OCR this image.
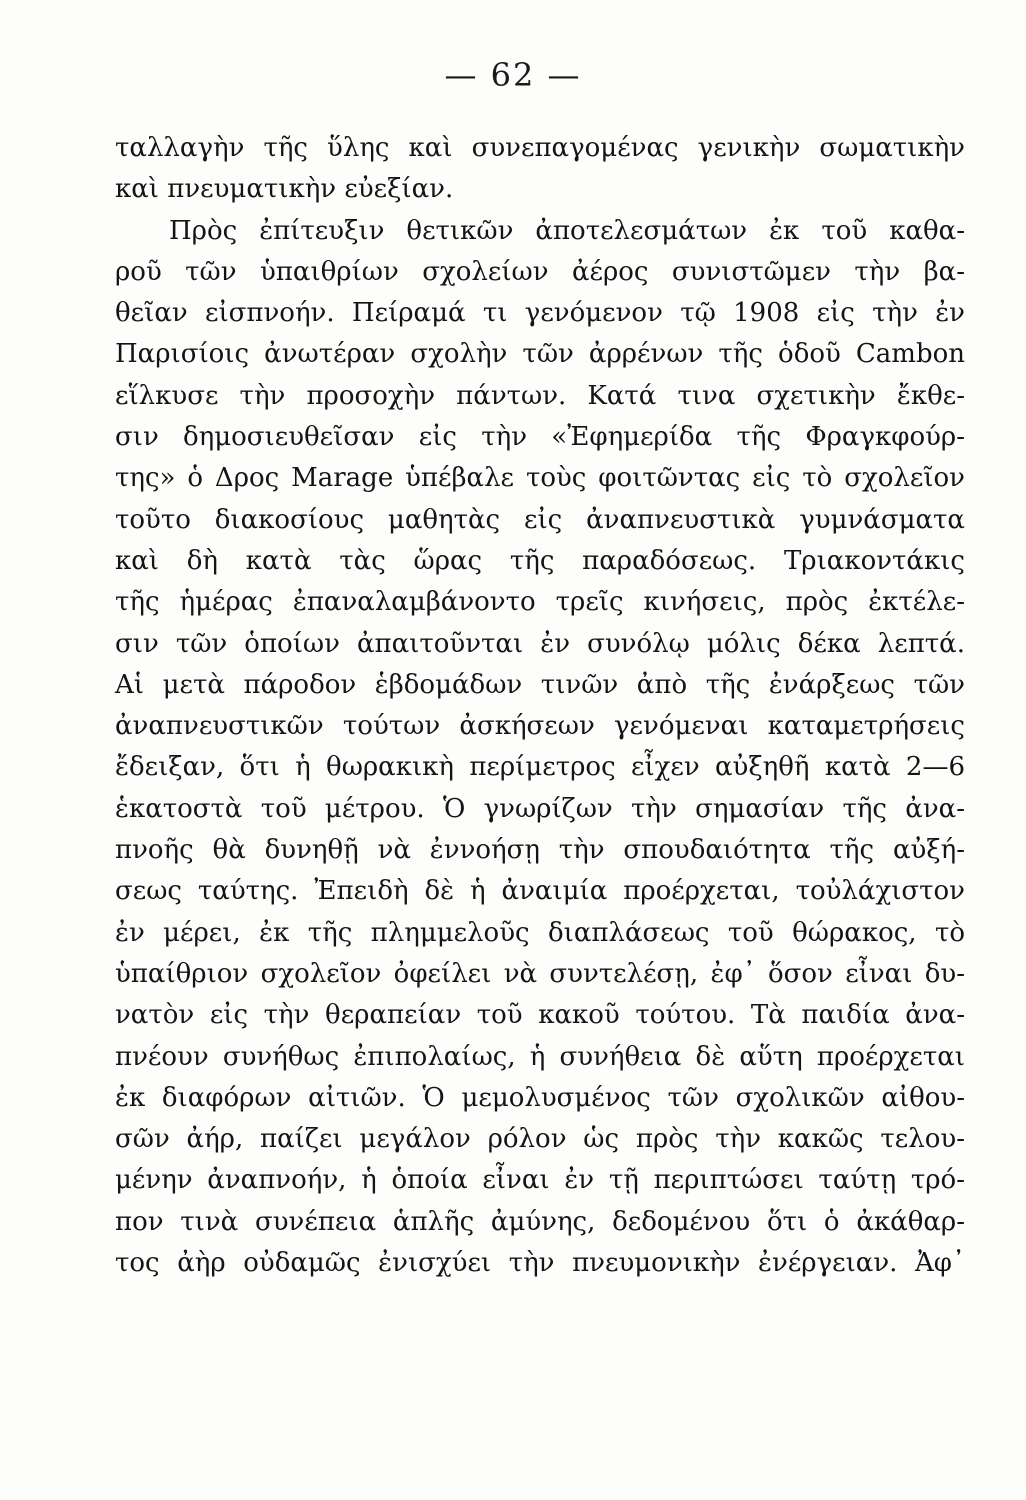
— 62 —
ταλλαγὴν τῆς ὕλης καὶ συνεπαγομένας γενικὴν σωματικὴν
καὶ πνευματικὴν εὐεξίαν.
Πρὸς ἐπίτευξιν θετικῶν ἀποτελεσμάτων ἐκ τοῦ καθα-
ροῦ τῶν ὑπαιθρίων σχολείων ἀέρος συνιστῶμεν τὴν βα-
θεῖαν εἰσπνοήν. Πείραμά τι γενόμενον τῷ 1908 εἰς τὴν ἐν
Παρισίοις ἀνωτέραν σχολὴν τῶν ἀρρένων τῆς ὁδοῦ Cambon
εἵλκυσε τὴν προσοχὴν πάντων. Κατά τινα σχετικὴν ἔκθε-
σιν δημοσιευθεῖσαν εἰς τὴν «Ἐφημερίδα τῆς Φραγκφούρ-
της» ὁ Δρος Marage ὑπέβαλε τοὺς φοιτῶντας εἰς τὸ σχολεῖον
τοῦτο διακοσίους μαθητὰς εἰς ἀναπνευστικὰ γυμνάσματα
καὶ δὴ κατὰ τὰς ὥρας τῆς παραδόσεως. Τριακοντάκις
τῆς ἡμέρας ἐπαναλαμβάνοντο τρεῖς κινήσεις, πρὸς ἐκτέλε-
σιν τῶν ὁποίων ἀπαιτοῦνται ἐν συνόλῳ μόλις δέκα λεπτά.
Αἱ μετὰ πάροδον ἑβδομάδων τινῶν ἀπὸ τῆς ἐνάρξεως τῶν
ἀναπνευστικῶν τούτων ἀσκήσεων γενόμεναι καταμετρήσεις
ἔδειξαν, ὅτι ἡ θωρακικὴ περίμετρος εἶχεν αὐξηθῆ κατὰ 2—6
ἑκατοστὰ τοῦ μέτρου. Ὁ γνωρίζων τὴν σημασίαν τῆς ἀνα-
πνοῆς θὰ δυνηθῇ νὰ ἐννοήσῃ τὴν σπουδαιότητα τῆς αὐξή-
σεως ταύτης. Ἐπειδὴ δὲ ἡ ἀναιμία προέρχεται, τοὐλάχιστον
ἐν μέρει, ἐκ τῆς πλημμελοῦς διαπλάσεως τοῦ θώρακος, τὸ
ὑπαίθριον σχολεῖον ὀφείλει νὰ συντελέσῃ, ἐφ᾽ ὅσον εἶναι δυ-
νατὸν εἰς τὴν θεραπείαν τοῦ κακοῦ τούτου. Τὰ παιδία ἀνα-
πνέουν συνήθως ἐπιπολαίως, ἡ συνήθεια δὲ αὕτη προέρχεται
ἐκ διαφόρων αἰτιῶν. Ὁ μεμολυσμένος τῶν σχολικῶν αἰθου-
σῶν ἀήρ, παίζει μεγάλον ρόλον ὡς πρὸς τὴν κακῶς τελου-
μένην ἀναπνοήν, ἡ ὁποία εἶναι ἐν τῇ περιπτώσει ταύτῃ τρό-
πον τινὰ συνέπεια ἁπλῆς ἀμύνης, δεδομένου ὅτι ὁ ἀκάθαρ-
τος ἀὴρ οὐδαμῶς ἐνισχύει τὴν πνευμονικὴν ἐνέργειαν. Ἀφ᾽
